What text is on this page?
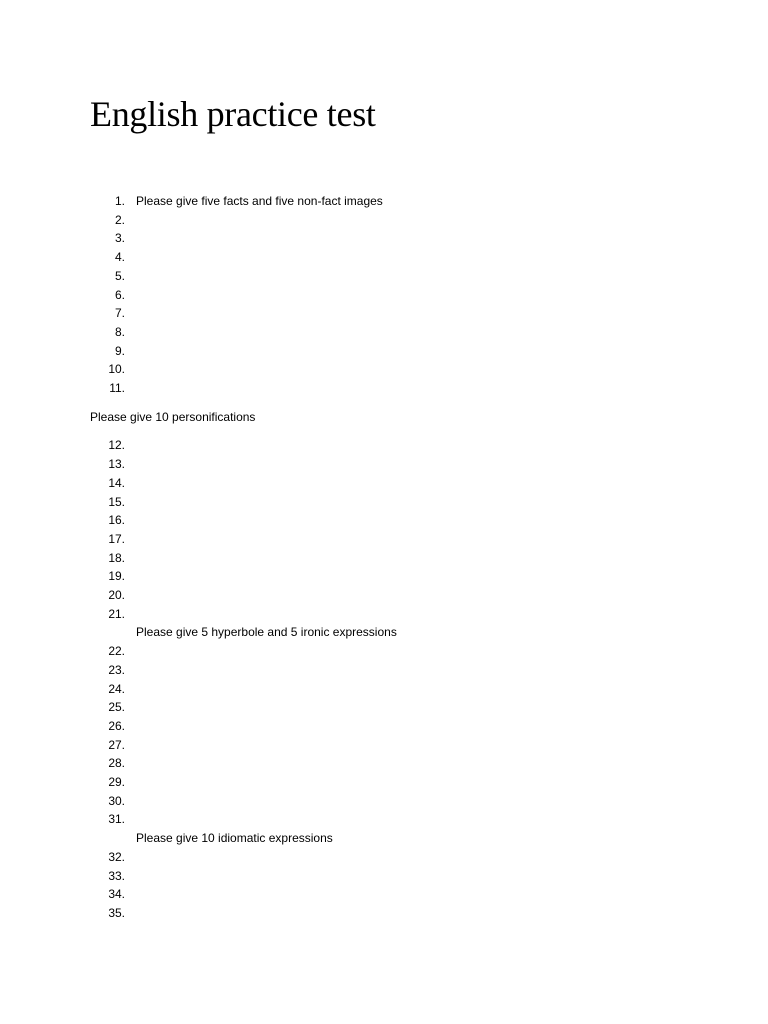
English practice test
1. Please give five facts and five non-fact images
2.
3.
4.
5.
6.
7.
8.
9.
10.
11.
Please give 10 personifications
12.
13.
14.
15.
16.
17.
18.
19.
20.
21.
Please give 5 hyperbole and 5 ironic expressions
22.
23.
24.
25.
26.
27.
28.
29.
30.
31.
Please give 10 idiomatic expressions
32.
33.
34.
35.
